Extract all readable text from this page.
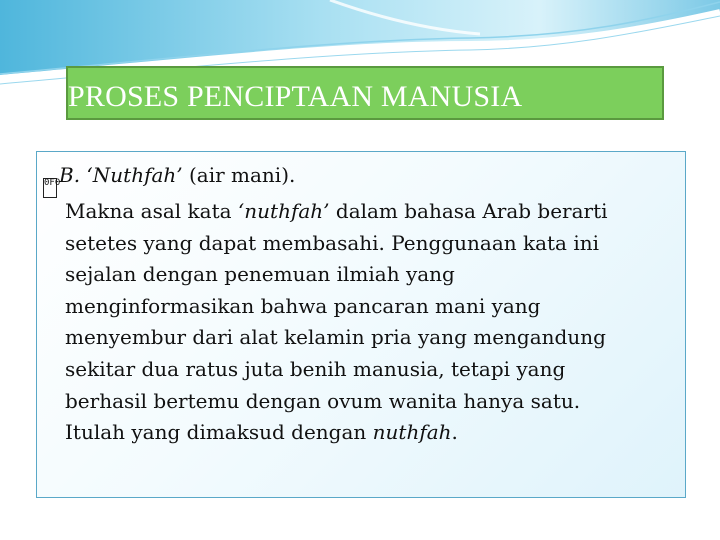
PROSES PENCIPTAAN MANUSIA
0F0B. ‘Nuthfah’ (air mani).
Makna asal kata ‘nuthfah’ dalam bahasa Arab berarti
setetes yang dapat membasahi. Penggunaan kata ini
sejalan dengan penemuan ilmiah yang
menginformasikan bahwa pancaran mani yang
menyembur dari alat kelamin pria yang mengandung
sekitar dua ratus juta benih manusia, tetapi yang
berhasil bertemu dengan ovum wanita hanya satu.
Itulah yang dimaksud dengan nuthfah.
